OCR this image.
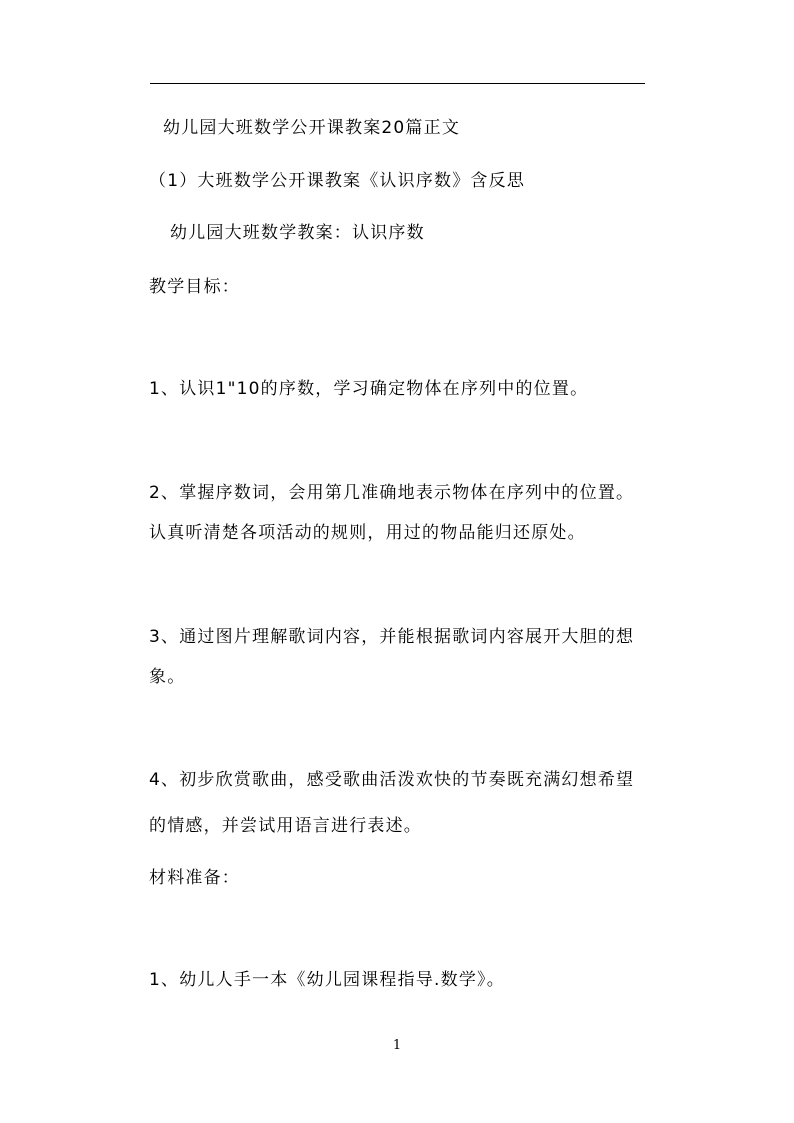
幼儿园大班数学公开课教案20篇正文
（1）大班数学公开课教案《认识序数》含反思
幼儿园大班数学教案：认识序数
教学目标：
1、认识1"10的序数，学习确定物体在序列中的位置。
2、掌握序数词，会用第几准确地表示物体在序列中的位置。
认真听清楚各项活动的规则，用过的物品能归还原处。
3、通过图片理解歌词内容，并能根据歌词内容展开大胆的想
象。
4、初步欣赏歌曲，感受歌曲活泼欢快的节奏既充满幻想希望
的情感，并尝试用语言进行表述。
材料准备：
1、幼儿人手一本《幼儿园课程指导.数学》。
1
